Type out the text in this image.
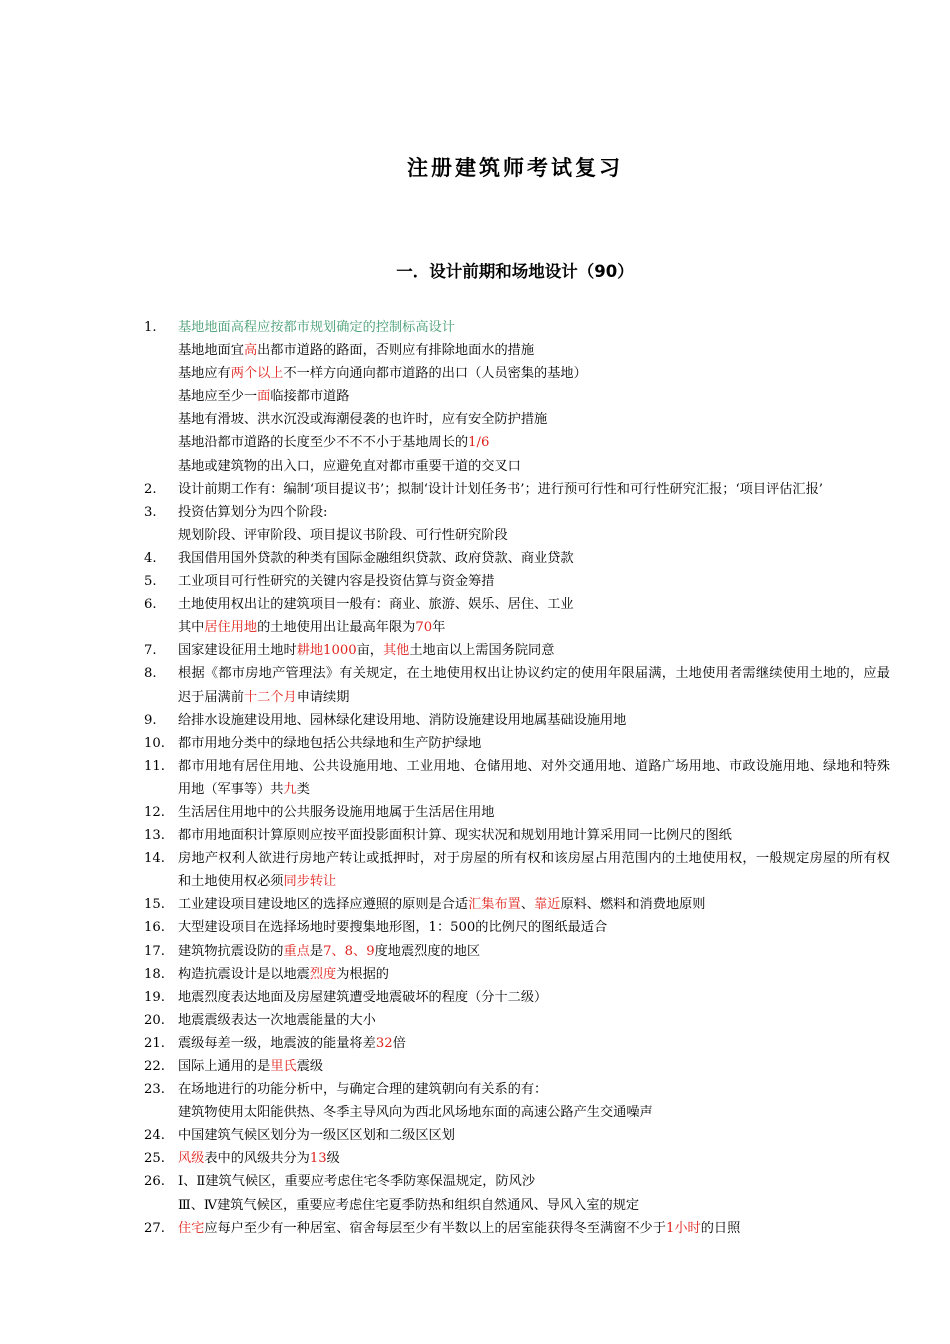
注册建筑师考试复习
一．设计前期和场地设计（90）
1. 基地地面高程应按都市规划确定的控制标高设计
基地地面宜高出都市道路的路面，否则应有排除地面水的措施
基地应有两个以上不一样方向通向都市道路的出口（人员密集的基地）
基地应至少一面临接都市道路
基地有滑坡、洪水沉没或海潮侵袭的也许时，应有安全防护措施
基地沿都市道路的长度至少不不不小于基地周长的1/6
基地或建筑物的出入口，应避免直对都市重要干道的交叉口
2. 设计前期工作有：编制‘项目提议书’；拟制‘设计计划任务书’；进行预可行性和可行性研究汇报；‘项目评估汇报’
3. 投资估算划分为四个阶段:
规划阶段、评审阶段、项目提议书阶段、可行性研究阶段
4. 我国借用国外贷款的种类有国际金融组织贷款、政府贷款、商业贷款
5. 工业项目可行性研究的关键内容是投资估算与资金筹措
6. 土地使用权出让的建筑项目一般有：商业、旅游、娱乐、居住、工业
其中居住用地的土地使用出让最高年限为70年
7. 国家建设征用土地时耕地1000亩，其他土地亩以上需国务院同意
8. 根据《都市房地产管理法》有关规定，在土地使用权出让协议约定的使用年限届满，土地使用者需继续使用土地的，应最迟于届满前十二个月申请续期
9. 给排水设施建设用地、园林绿化建设用地、消防设施建设用地属基础设施用地
10. 都市用地分类中的绿地包括公共绿地和生产防护绿地
11. 都市用地有居住用地、公共设施用地、工业用地、仓储用地、对外交通用地、道路广场用地、市政设施用地、绿地和特殊用地（军事等）共九类
12. 生活居住用地中的公共服务设施用地属于生活居住用地
13. 都市用地面积计算原则应按平面投影面积计算、现实状况和规划用地计算采用同一比例尺的图纸
14. 房地产权利人欲进行房地产转让或抵押时，对于房屋的所有权和该房屋占用范围内的土地使用权，一般规定房屋的所有权和土地使用权必须同步转让
15. 工业建设项目建设地区的选择应遵照的原则是合适汇集布置、靠近原料、燃料和消费地原则
16. 大型建设项目在选择场地时要搜集地形图，1：500的比例尺的图纸最适合
17. 建筑物抗震设防的重点是7、8、9度地震烈度的地区
18. 构造抗震设计是以地震烈度为根据的
19. 地震烈度表达地面及房屋建筑遭受地震破坏的程度（分十二级）
20. 地震震级表达一次地震能量的大小
21. 震级每差一级，地震波的能量将差32倍
22. 国际上通用的是里氏震级
23. 在场地进行的功能分析中，与确定合理的建筑朝向有关系的有：
建筑物使用太阳能供热、冬季主导风向为西北风场地东面的高速公路产生交通噪声
24. 中国建筑气候区划分为一级区区划和二级区区划
25. 风级表中的风级共分为13级
26. Ⅰ、Ⅱ建筑气候区，重要应考虑住宅冬季防寒保温规定，防风沙
Ⅲ、Ⅳ建筑气候区，重要应考虑住宅夏季防热和组织自然通风、导风入室的规定
27. 住宅应每户至少有一种居室、宿舍每层至少有半数以上的居室能获得冬至满窗不少于1小时的日照
